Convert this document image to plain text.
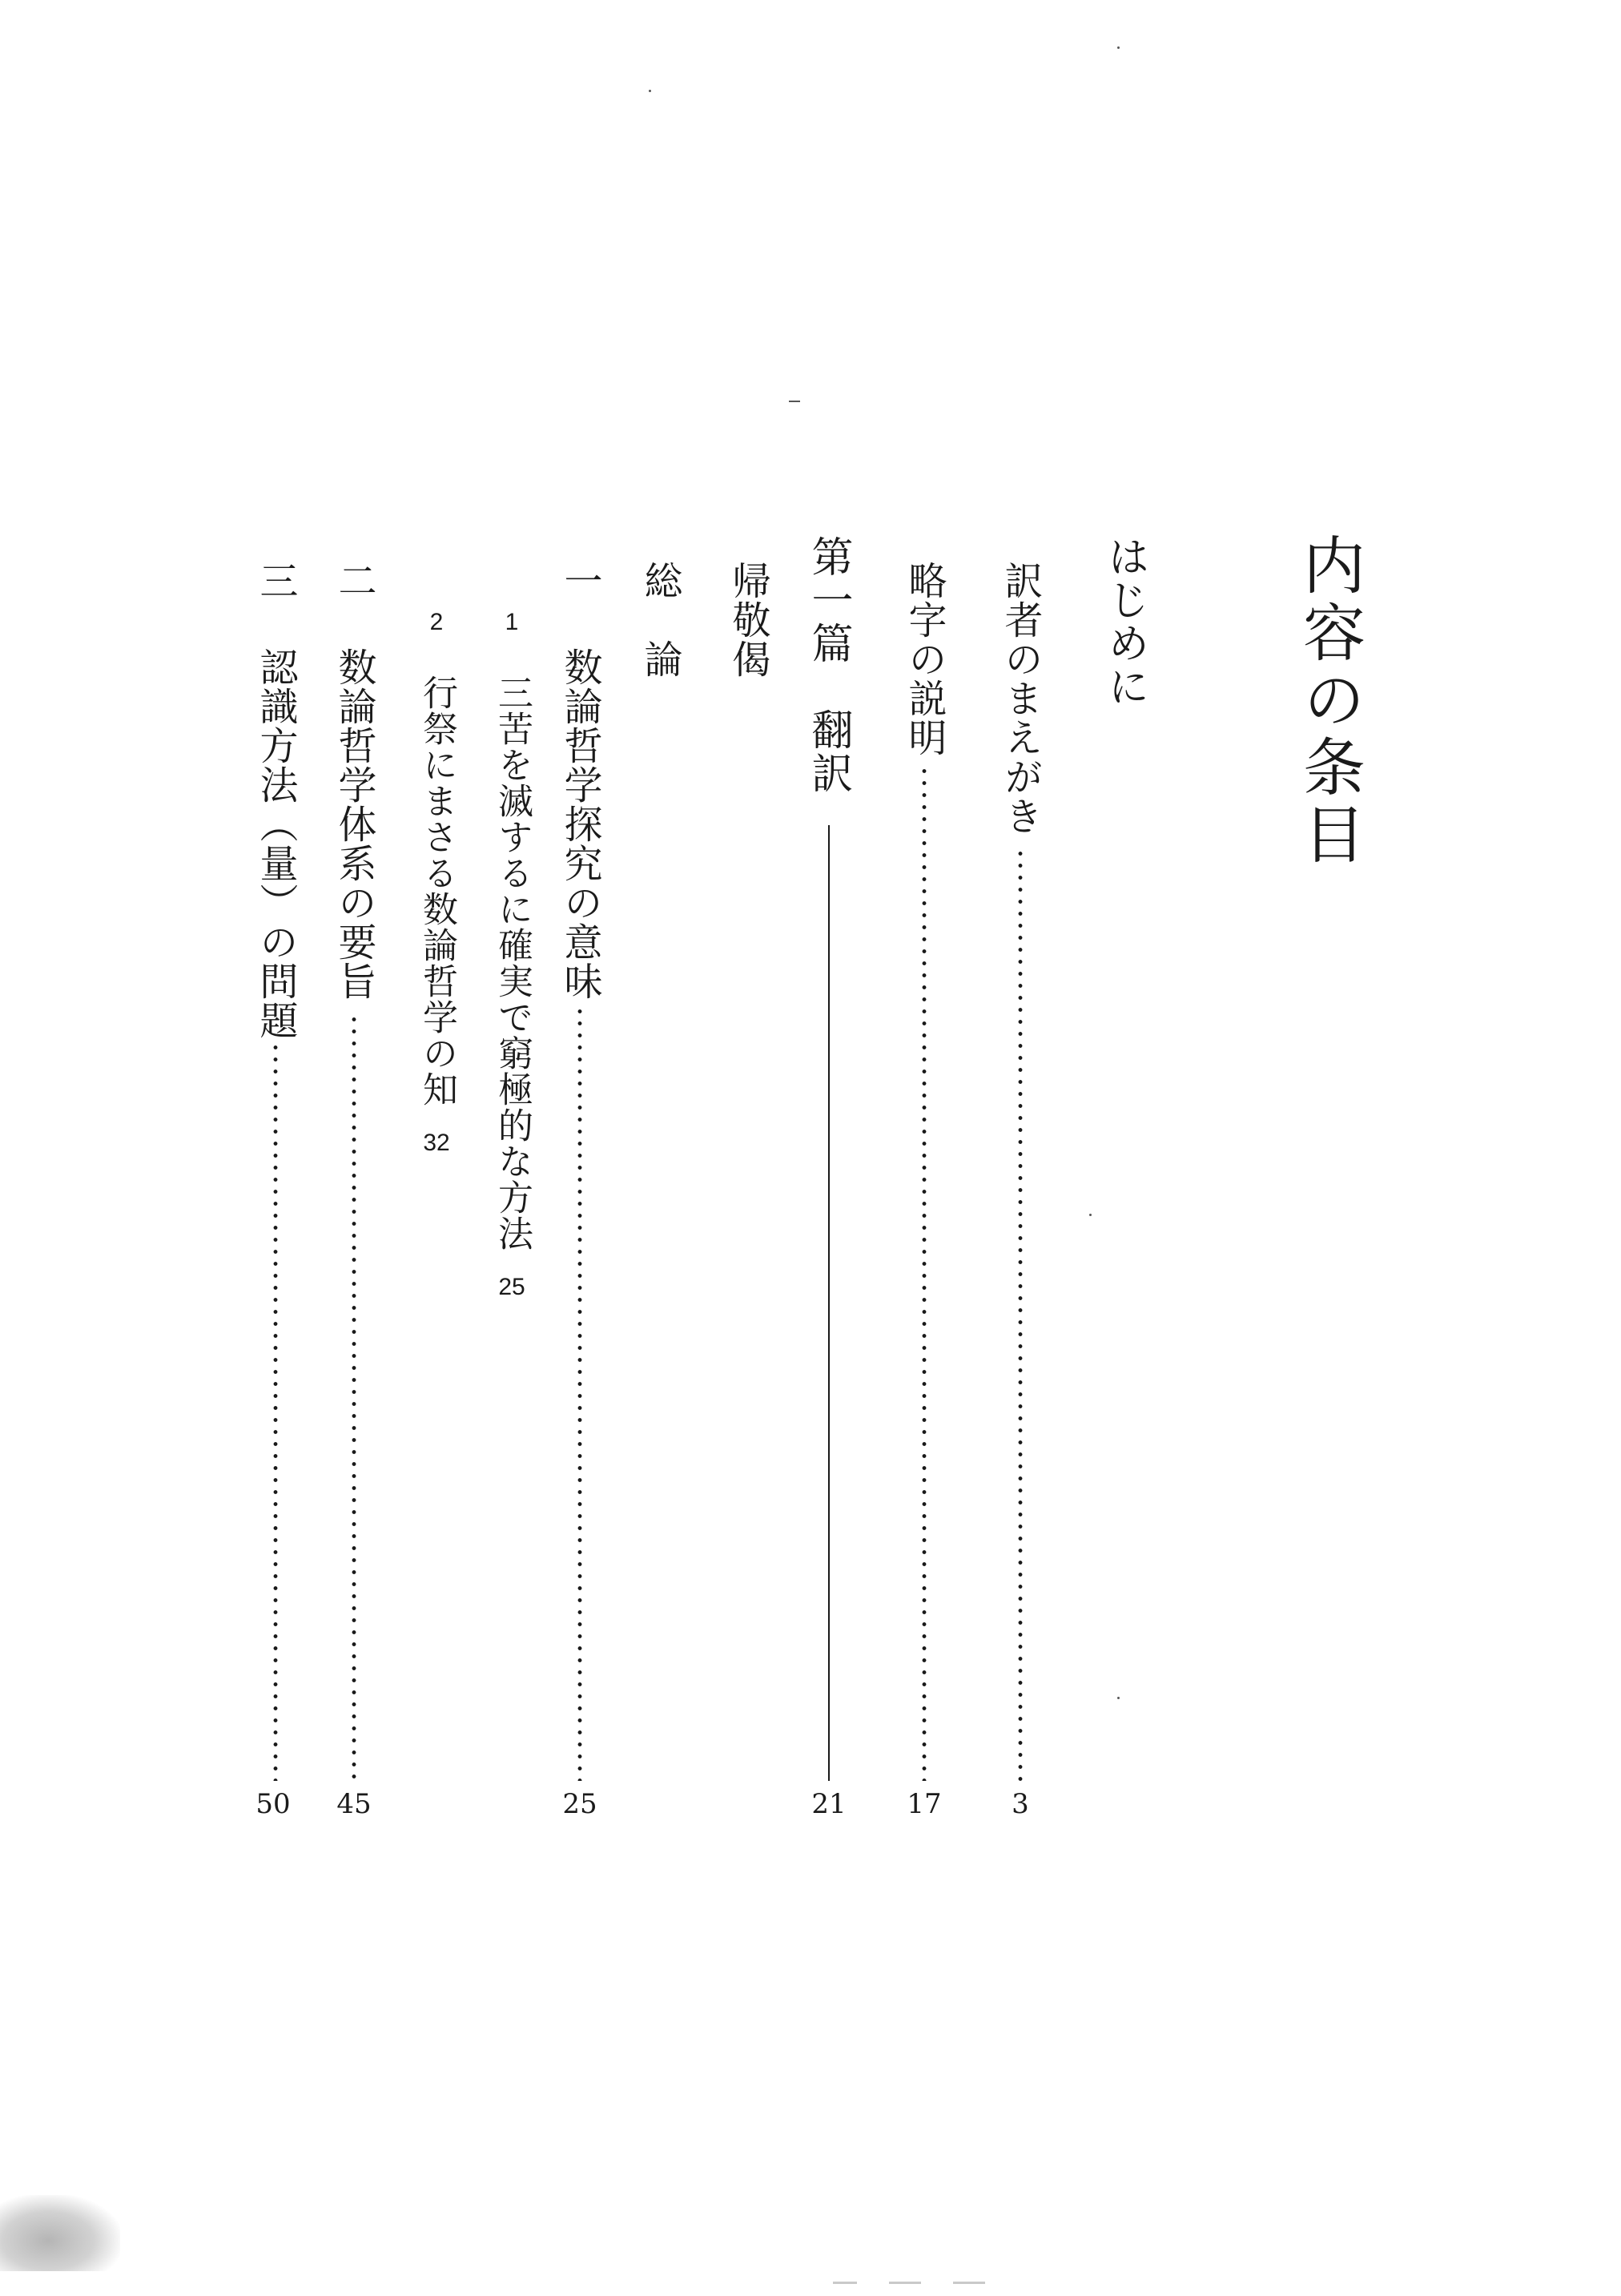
内容の条目
はじめに
訳者のまえがき
3
略字の説明
17
第一篇　翻訳
21
帰敬偈
総　論
一
数論哲学探究の意味
25
1
三苦を滅するに確実で窮極的な方法
25
2
行祭にまさる数論哲学の知
32
二
数論哲学体系の要旨
45
三
認識方法（量）の問題
50
